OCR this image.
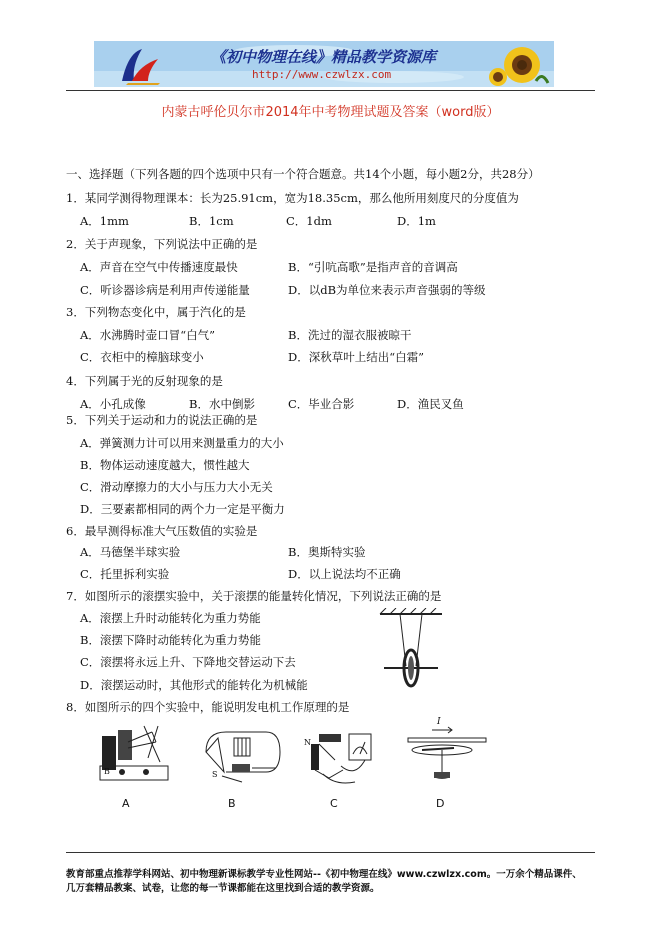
《初中物理在线》精品教学资源库
http://www.czwlzx.com
内蒙古呼伦贝尔市2014年中考物理试题及答案（word版）
一、选择题（下列各题的四个选项中只有一个符合题意。共14个小题，每小题2分，共28分）
1．某同学测得物理课本：长为25.91cm，宽为18.35cm，那么他所用刻度尺的分度值为
A．1mm	B．1cm	C．1dm	D．1m
2．关于声现象，下列说法中正确的是
A．声音在空气中传播速度最快	B．“引吭高歌”是指声音的音调高
C．听诊器诊病是利用声传递能量	D．以dB为单位来表示声音强弱的等级
3．下列物态变化中，属于汽化的是
A．水沸腾时壶口冒“白气”	B．洗过的湿衣服被晾干
C．衣柜中的樟脑球变小	D．深秋草叶上结出“白霜”
4．下列属于光的反射现象的是
A．小孔成像	B．水中倒影	C．毕业合影	D．渔民叉鱼
5．下列关于运动和力的说法正确的是
A．弹簧测力计可以用来测量重力的大小
B．物体运动速度越大，惯性越大
C．滑动摩擦力的大小与压力大小无关
D．三要素都相同的两个力一定是平衡力
6．最早测得标准大气压数值的实验是
A．马德堡半球实验	B．奥斯特实验
C．托里拆利实验	D．以上说法均不正确
7．如图所示的滚摆实验中，关于滚摆的能量转化情况，下列说法正确的是
A．滚摆上升时动能转化为重力势能
B．滚摆下降时动能转化为重力势能
C．滚摆将永远上升、下降地交替运动下去
D．滚摆运动时，其他形式的能转化为机械能
8．如图所示的四个实验中，能说明发电机工作原理的是
B	S
N
I
A	B	C	D
教育部重点推荐学科网站、初中物理新课标教学专业性网站--《初中物理在线》www.czwlzx.com。一万余个精品课件、
几万套精品教案、试卷，让您的每一节课都能在这里找到合适的教学资源。
